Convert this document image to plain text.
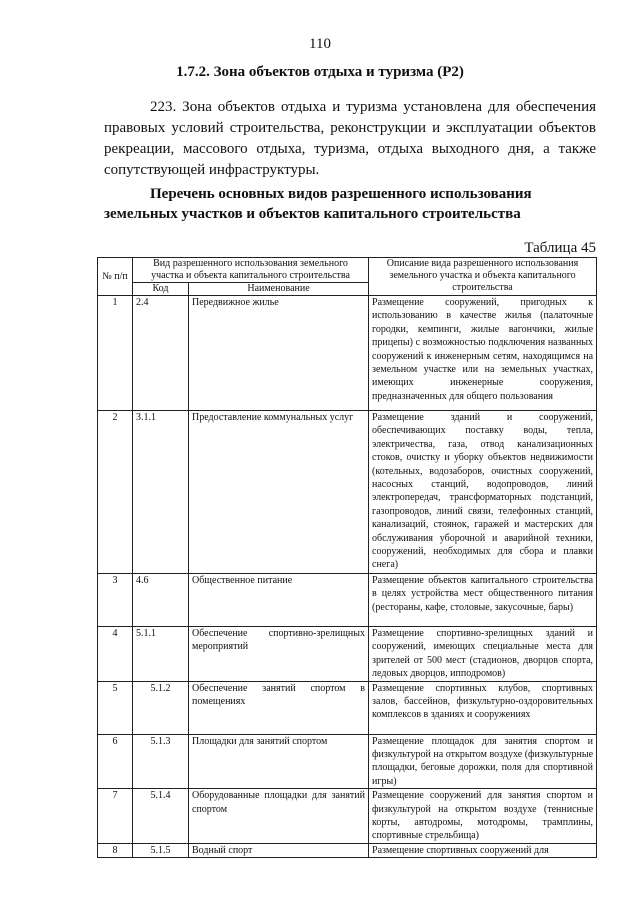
110
1.7.2. Зона объектов отдыха и туризма (Р2)

223. Зона объектов отдыха и туризма установлена для обеспечения правовых условий строительства, реконструкции и эксплуатации объектов рекреации, массового отдыха, туризма, отдыха выходного дня, а также сопутствующей инфраструктуры.

Перечень основных видов разрешенного использования земельных участков и объектов капитального строительства

Таблица 45
№ п/п	Вид разрешенного использования земельного участка и объекта капитального строительства		Описание вида разрешенного использования земельного участка и объекта капитального строительства
	Код	Наименование	
1	2.4	Передвижное жилье	Размещение сооружений, пригодных к использованию в качестве жилья (палаточные городки, кемпинги, жилые вагончики, жилые прицепы) с возможностью подключения названных сооружений к инженерным сетям, находящимся на земельном участке или на земельных участках, имеющих инженерные сооружения, предназначенных для общего пользования
2	3.1.1	Предоставление коммунальных услуг	Размещение зданий и сооружений, обеспечивающих поставку воды, тепла, электричества, газа, отвод канализационных стоков, очистку и уборку объектов недвижимости (котельных, водозаборов, очистных сооружений, насосных станций, водопроводов, линий электропередач, трансформаторных подстанций, газопроводов, линий связи, телефонных станций, канализаций, стоянок, гаражей и мастерских для обслуживания уборочной и аварийной техники, сооружений, необходимых для сбора и плавки снега)
3	4.6	Общественное питание	Размещение объектов капитального строительства в целях устройства мест общественного питания (рестораны, кафе, столовые, закусочные, бары)
4	5.1.1	Обеспечение спортивно-зрелищных мероприятий	Размещение спортивно-зрелищных зданий и сооружений, имеющих специальные места для зрителей от 500 мест (стадионов, дворцов спорта, ледовых дворцов, ипподромов)
5	5.1.2	Обеспечение занятий спортом в помещениях	Размещение спортивных клубов, спортивных залов, бассейнов, физкультурно-оздоровительных комплексов в зданиях и сооружениях
6	5.1.3	Площадки для занятий спортом	Размещение площадок для занятия спортом и физкультурой на открытом воздухе (физкультурные площадки, беговые дорожки, поля для спортивной игры)
7	5.1.4	Оборудованные площадки для занятий спортом	Размещение сооружений для занятия спортом и физкультурой на открытом воздухе (теннисные корты, автодромы, мотодромы, трамплины, спортивные стрельбища)
8	5.1.5	Водный спорт	Размещение спортивных сооружений для
